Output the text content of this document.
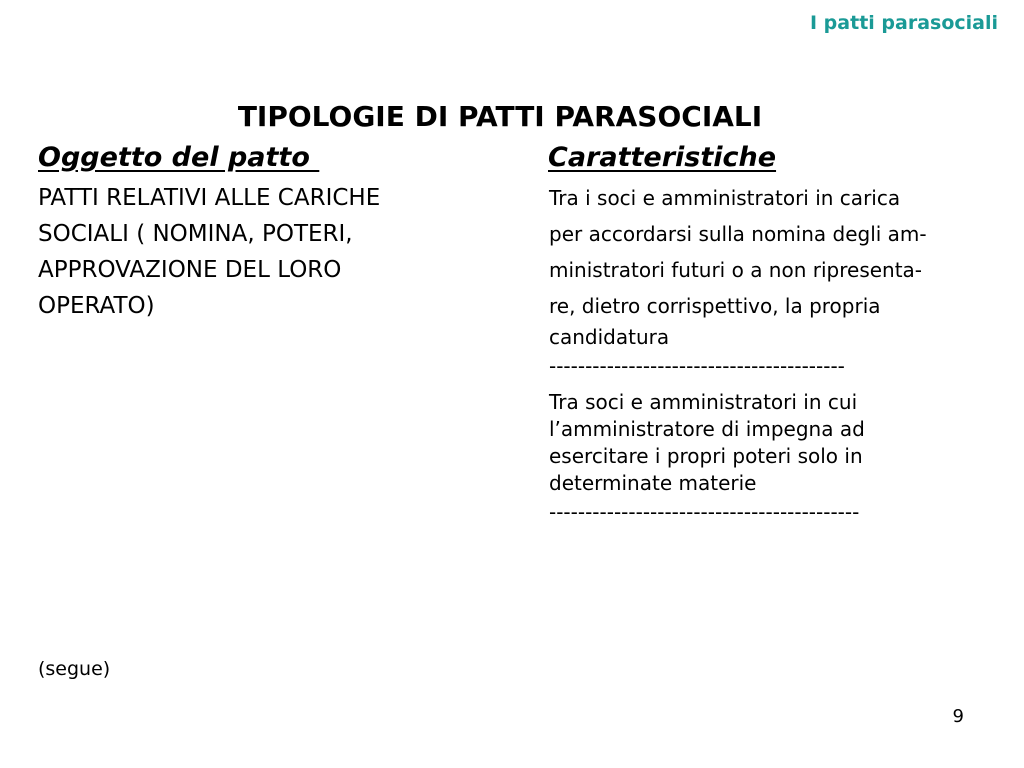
I patti parasociali
TIPOLOGIE DI PATTI PARASOCIALI
Oggetto del patto	Caratteristiche
PATTI RELATIVI ALLE CARICHE
SOCIALI ( NOMINA, POTERI,
APPROVAZIONE DEL LORO
OPERATO)
Tra i soci e amministratori in carica
per accordarsi sulla nomina degli am-
ministratori futuri o a non ripresenta-
re, dietro corrispettivo, la propria
candidatura
-----------------------------------------
Tra soci e amministratori in cui
l’amministratore di impegna ad
esercitare i propri poteri solo in
determinate materie
-------------------------------------------
(segue)
9
